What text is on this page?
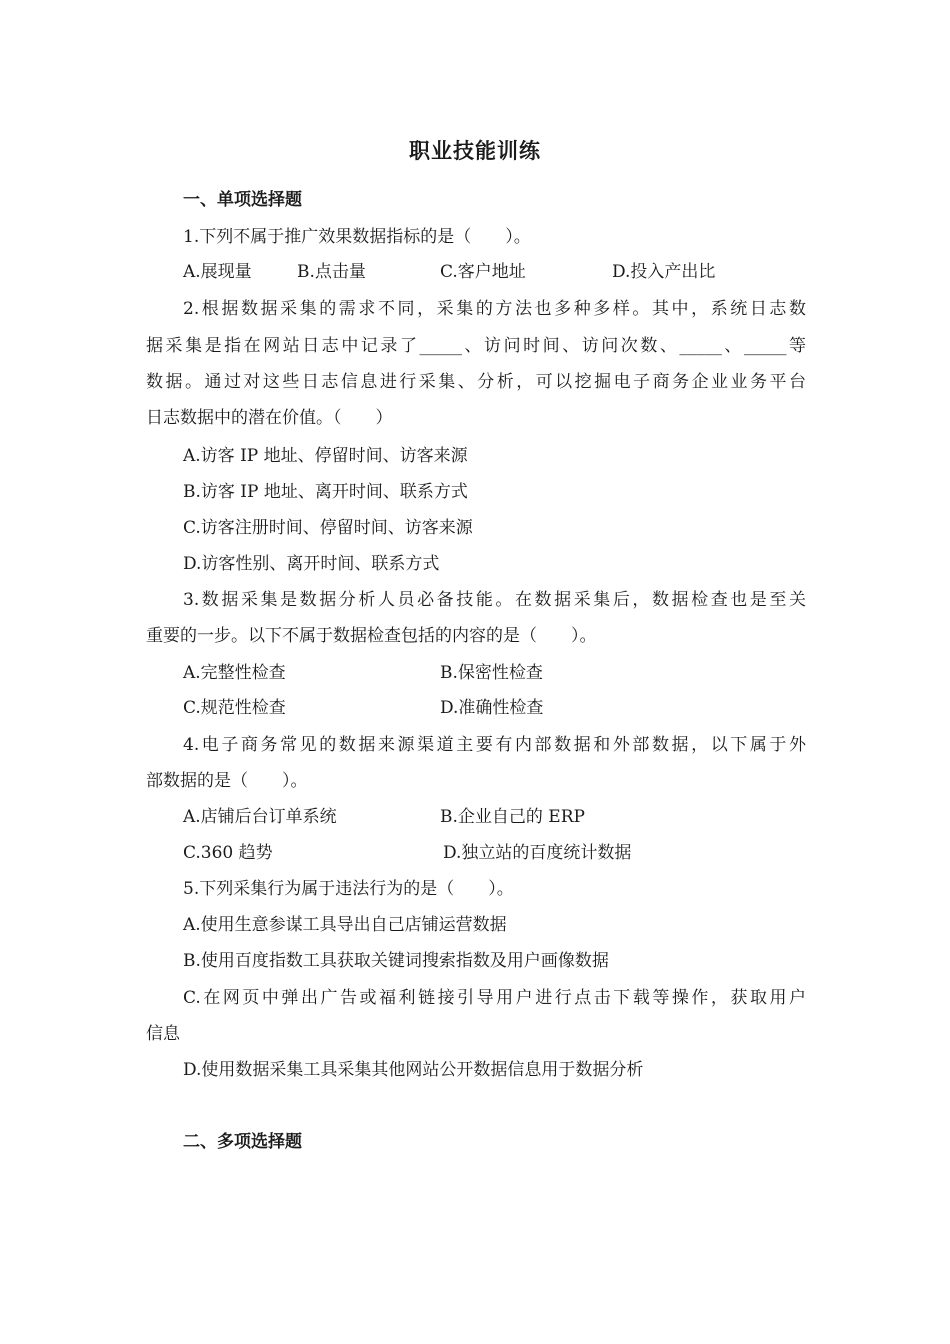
职业技能训练
一、单项选择题
1.下列不属于推广效果数据指标的是（　　）。
A.展现量	B.点击量	C.客户地址	D.投入产出比
2.根据数据采集的需求不同，采集的方法也多种多样。其中，系统日志数
据采集是指在网站日志中记录了_____、访问时间、访问次数、_____、_____等
数据。通过对这些日志信息进行采集、分析，可以挖掘电子商务企业业务平台
日志数据中的潜在价值。（　　）
A.访客 IP 地址、停留时间、访客来源
B.访客 IP 地址、离开时间、联系方式
C.访客注册时间、停留时间、访客来源
D.访客性别、离开时间、联系方式
3.数据采集是数据分析人员必备技能。在数据采集后，数据检查也是至关
重要的一步。以下不属于数据检查包括的内容的是（　　）。
A.完整性检查	B.保密性检查
C.规范性检查	D.准确性检查
4.电子商务常见的数据来源渠道主要有内部数据和外部数据，以下属于外
部数据的是（　　）。
A.店铺后台订单系统	B.企业自己的 ERP
C.360 趋势	D.独立站的百度统计数据
5.下列采集行为属于违法行为的是（　　）。
A.使用生意参谋工具导出自己店铺运营数据
B.使用百度指数工具获取关键词搜索指数及用户画像数据
C.在网页中弹出广告或福利链接引导用户进行点击下载等操作，获取用户
信息
D.使用数据采集工具采集其他网站公开数据信息用于数据分析
二、多项选择题
